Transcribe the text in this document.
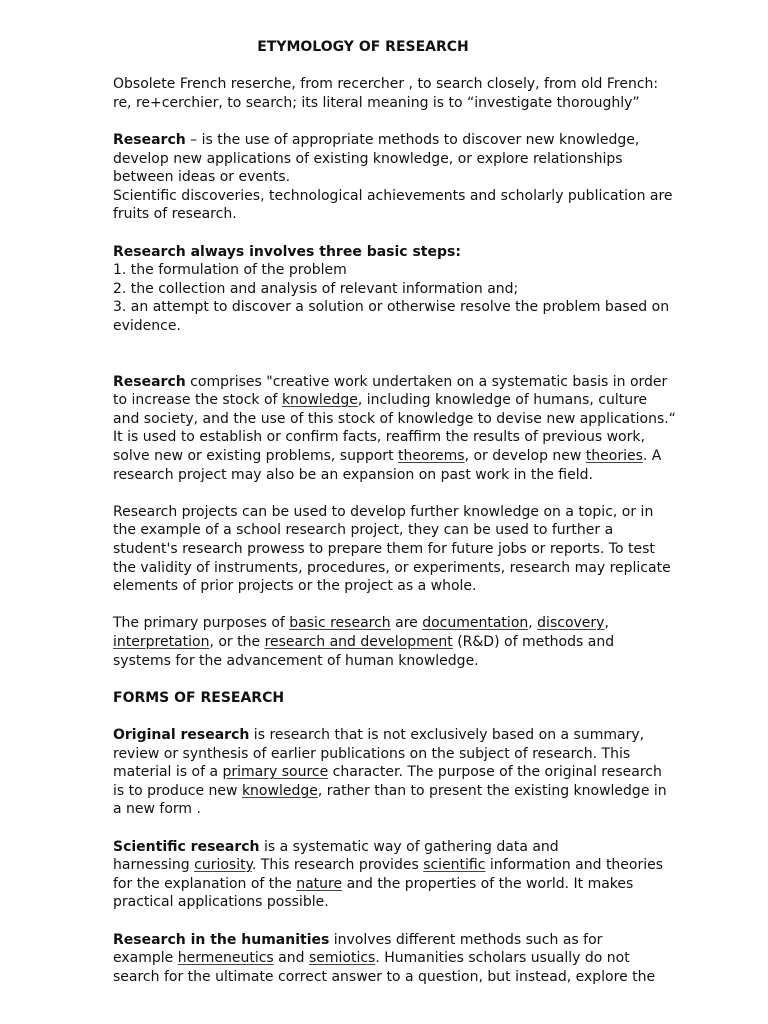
ETYMOLOGY OF RESEARCH
Obsolete French reserche, from recercher , to search closely, from old French:
re, re+cerchier, to search; its literal meaning is to “investigate thoroughly”
Research – is the use of appropriate methods to discover new knowledge,
develop new applications of existing knowledge, or explore relationships
between ideas or events.
Scientific discoveries, technological achievements and scholarly publication are
fruits of research.
Research always involves three basic steps:
1. the formulation of the problem
2. the collection and analysis of relevant information and;
3. an attempt to discover a solution or otherwise resolve the problem based on
evidence.
Research comprises "creative work undertaken on a systematic basis in order
to increase the stock of knowledge, including knowledge of humans, culture
and society, and the use of this stock of knowledge to devise new applications.“
It is used to establish or confirm facts, reaffirm the results of previous work,
solve new or existing problems, support theorems, or develop new theories. A
research project may also be an expansion on past work in the field.
Research projects can be used to develop further knowledge on a topic, or in
the example of a school research project, they can be used to further a
student's research prowess to prepare them for future jobs or reports. To test
the validity of instruments, procedures, or experiments, research may replicate
elements of prior projects or the project as a whole.
The primary purposes of basic research are documentation, discovery,
interpretation, or the research and development (R&D) of methods and
systems for the advancement of human knowledge.
FORMS OF RESEARCH
Original research is research that is not exclusively based on a summary,
review or synthesis of earlier publications on the subject of research. This
material is of a primary source character. The purpose of the original research
is to produce new knowledge, rather than to present the existing knowledge in
a new form .
Scientific research is a systematic way of gathering data and
harnessing curiosity. This research provides scientific information and theories
for the explanation of the nature and the properties of the world. It makes
practical applications possible.
Research in the humanities involves different methods such as for
example hermeneutics and semiotics. Humanities scholars usually do not
search for the ultimate correct answer to a question, but instead, explore the
